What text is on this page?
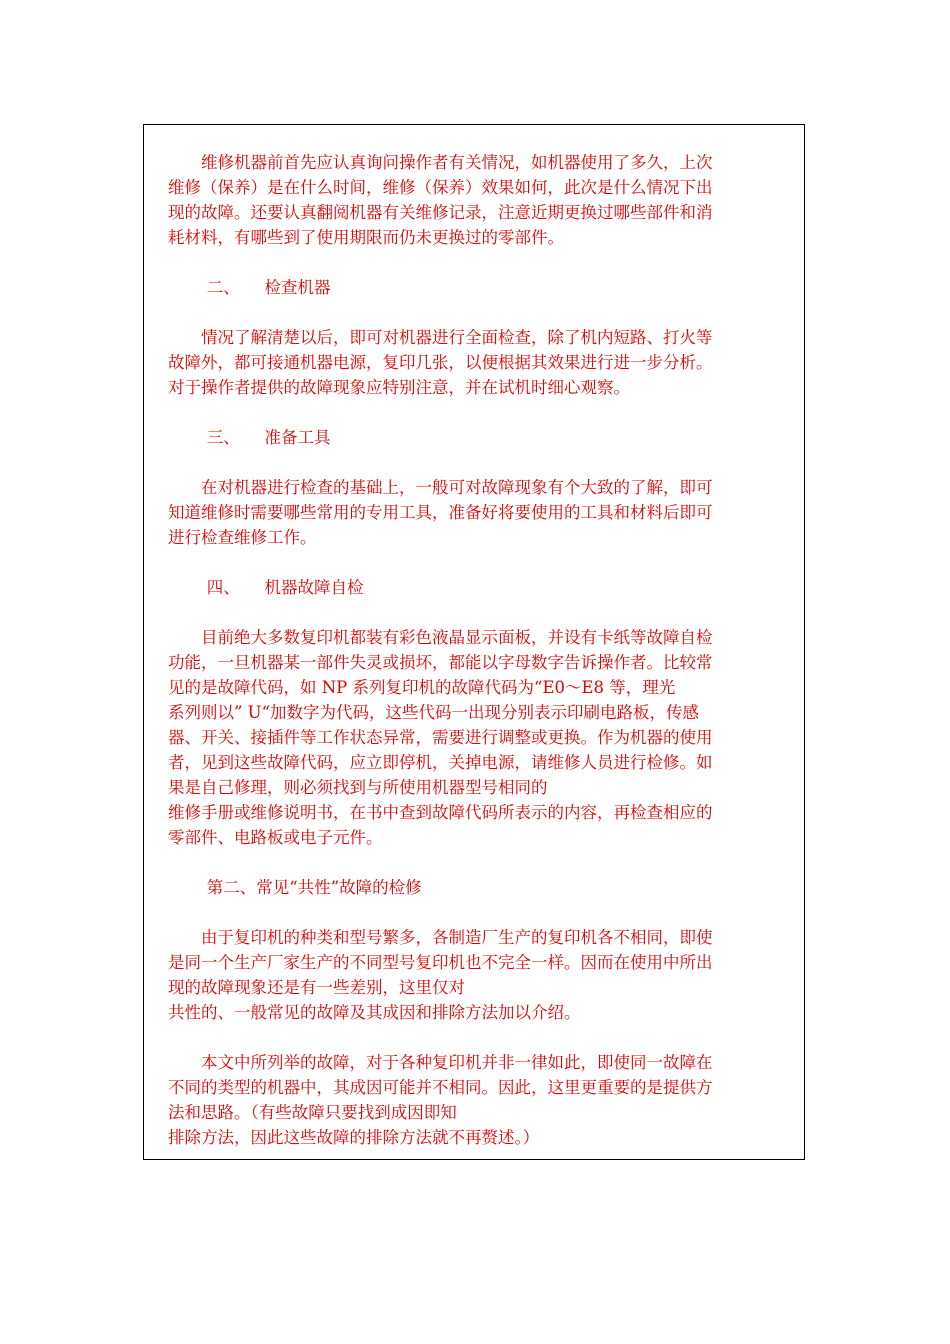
维修机器前首先应认真询问操作者有关情况，如机器使用了多久，上次
维修（保养）是在什么时间，维修（保养）效果如何，此次是什么情况下出
现的故障。还要认真翻阅机器有关维修记录，注意近期更换过哪些部件和消
耗材料，有哪些到了使用期限而仍未更换过的零部件。
二、 检查机器
情况了解清楚以后，即可对机器进行全面检查，除了机内短路、打火等
故障外，都可接通机器电源，复印几张，以便根据其效果进行进一步分析。
对于操作者提供的故障现象应特别注意，并在试机时细心观察。
三、 准备工具
在对机器进行检查的基础上，一般可对故障现象有个大致的了解，即可
知道维修时需要哪些常用的专用工具，准备好将要使用的工具和材料后即可
进行检查维修工作。
四、 机器故障自检
目前绝大多数复印机都装有彩色液晶显示面板，并设有卡纸等故障自检
功能，一旦机器某一部件失灵或损坏，都能以字母数字告诉操作者。比较常
见的是故障代码，如 NP 系列复印机的故障代码为“E0～E8 等，理光
系列则以” U“加数字为代码，这些代码一出现分别表示印刷电路板，传感
器、开关、接插件等工作状态异常，需要进行调整或更换。作为机器的使用
者，见到这些故障代码，应立即停机，关掉电源，请维修人员进行检修。如
果是自己修理，则必须找到与所使用机器型号相同的
维修手册或维修说明书，在书中查到故障代码所表示的内容，再检查相应的
零部件、电路板或电子元件。
第二、常见“共性”故障的检修
由于复印机的种类和型号繁多，各制造厂生产的复印机各不相同，即使
是同一个生产厂家生产的不同型号复印机也不完全一样。因而在使用中所出
现的故障现象还是有一些差别，这里仅对
共性的、一般常见的故障及其成因和排除方法加以介绍。
本文中所列举的故障，对于各种复印机并非一律如此，即使同一故障在
不同的类型的机器中，其成因可能并不相同。因此，这里更重要的是提供方
法和思路。（有些故障只要找到成因即知
排除方法，因此这些故障的排除方法就不再赘述。）
